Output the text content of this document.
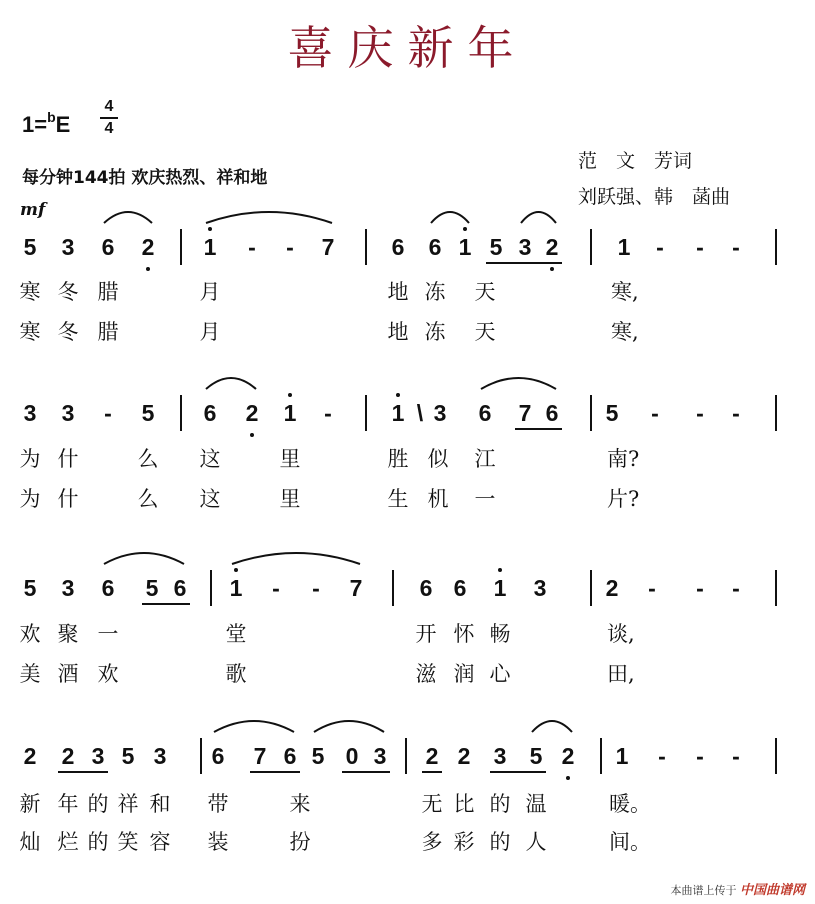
喜庆新年
1=$^b$E
4
4
每分钟144拍 欢庆热烈、祥和地
范　文　芳词
刘跃强、韩　菡曲
mf
5 3 6 2 1 - - 7 6 6 1 5 3 2	1 - - -
寒 冬 腊	月	地 冻 天	寒,
寒 冬 腊	月	地 冻 天	寒,
3 3 - 5 6 2 1 -	1 \ 3 6 7 6 5 - - -
为 什	么 这	里	胜 似 江	南?
为 什	么 这	里	生 机 一	片?
5 3 6 5 6 1 - - 7 6 6 1 3	2 - - -
欢 聚 一	堂	开 怀 畅	谈,
美 酒 欢	歌	滋 润 心	田,
2 2 3 5 3 6 7 6 5 0 3 2 2 3 5 2 1 - - -
新 年 的 祥 和 带	来	无 比 的 温	暖。
灿 烂 的 笑 容 装	扮	多 彩 的 人	间。
本曲谱上传于 中国曲谱网
